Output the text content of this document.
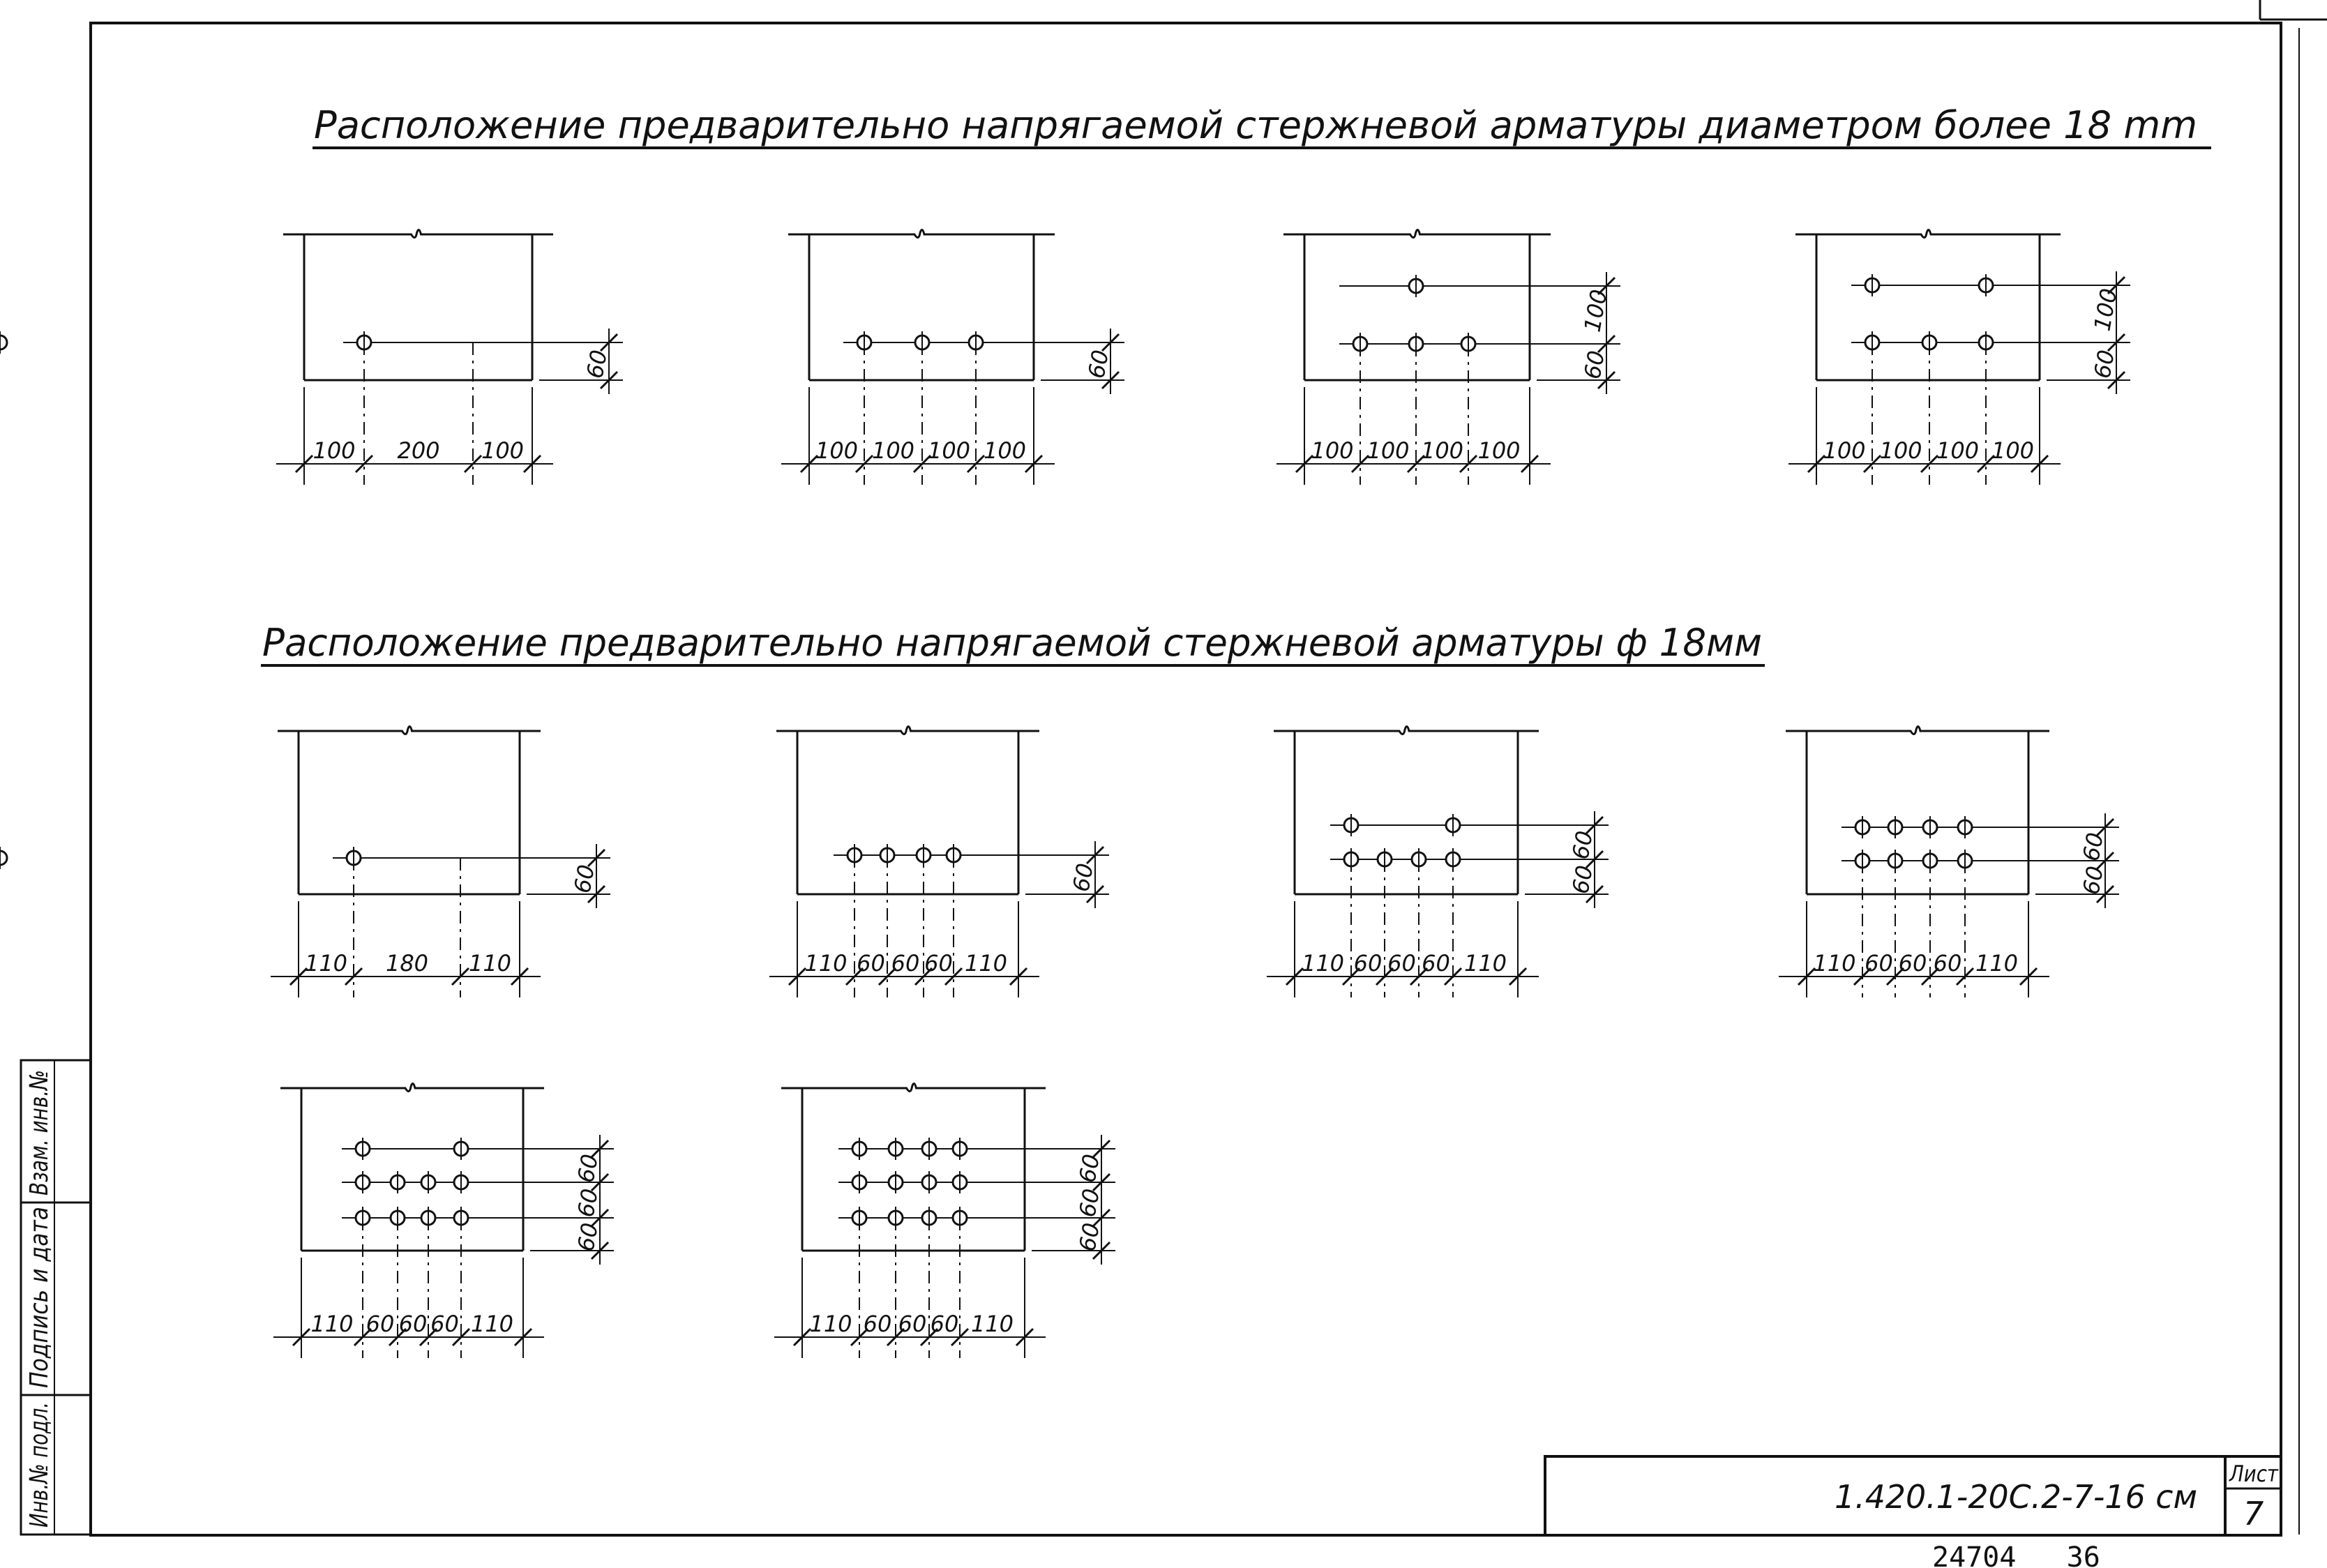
Расположение предварительно напрягаемой стержневой арматуры диаметром более 18 mm
Расположение предварительно напрягаемой стержневой арматуры ф 18мм
60
100 200 100
60
100 100 100 100
60
100
100 100 100 100
60
100
100 100 100 100
60
110 180 110
60
110 60 60 60 110
60
60
110 60 60 60 110
60
60
110 60 60 60 110
60
60
60
110 60 60 60 110
60
60
60
110 60 60 60 110
Инв.№ подл.
Подпись и дата
Взам. инв.№
1.420.1-20С.2-7-16 см
Лист
7
24704   36
